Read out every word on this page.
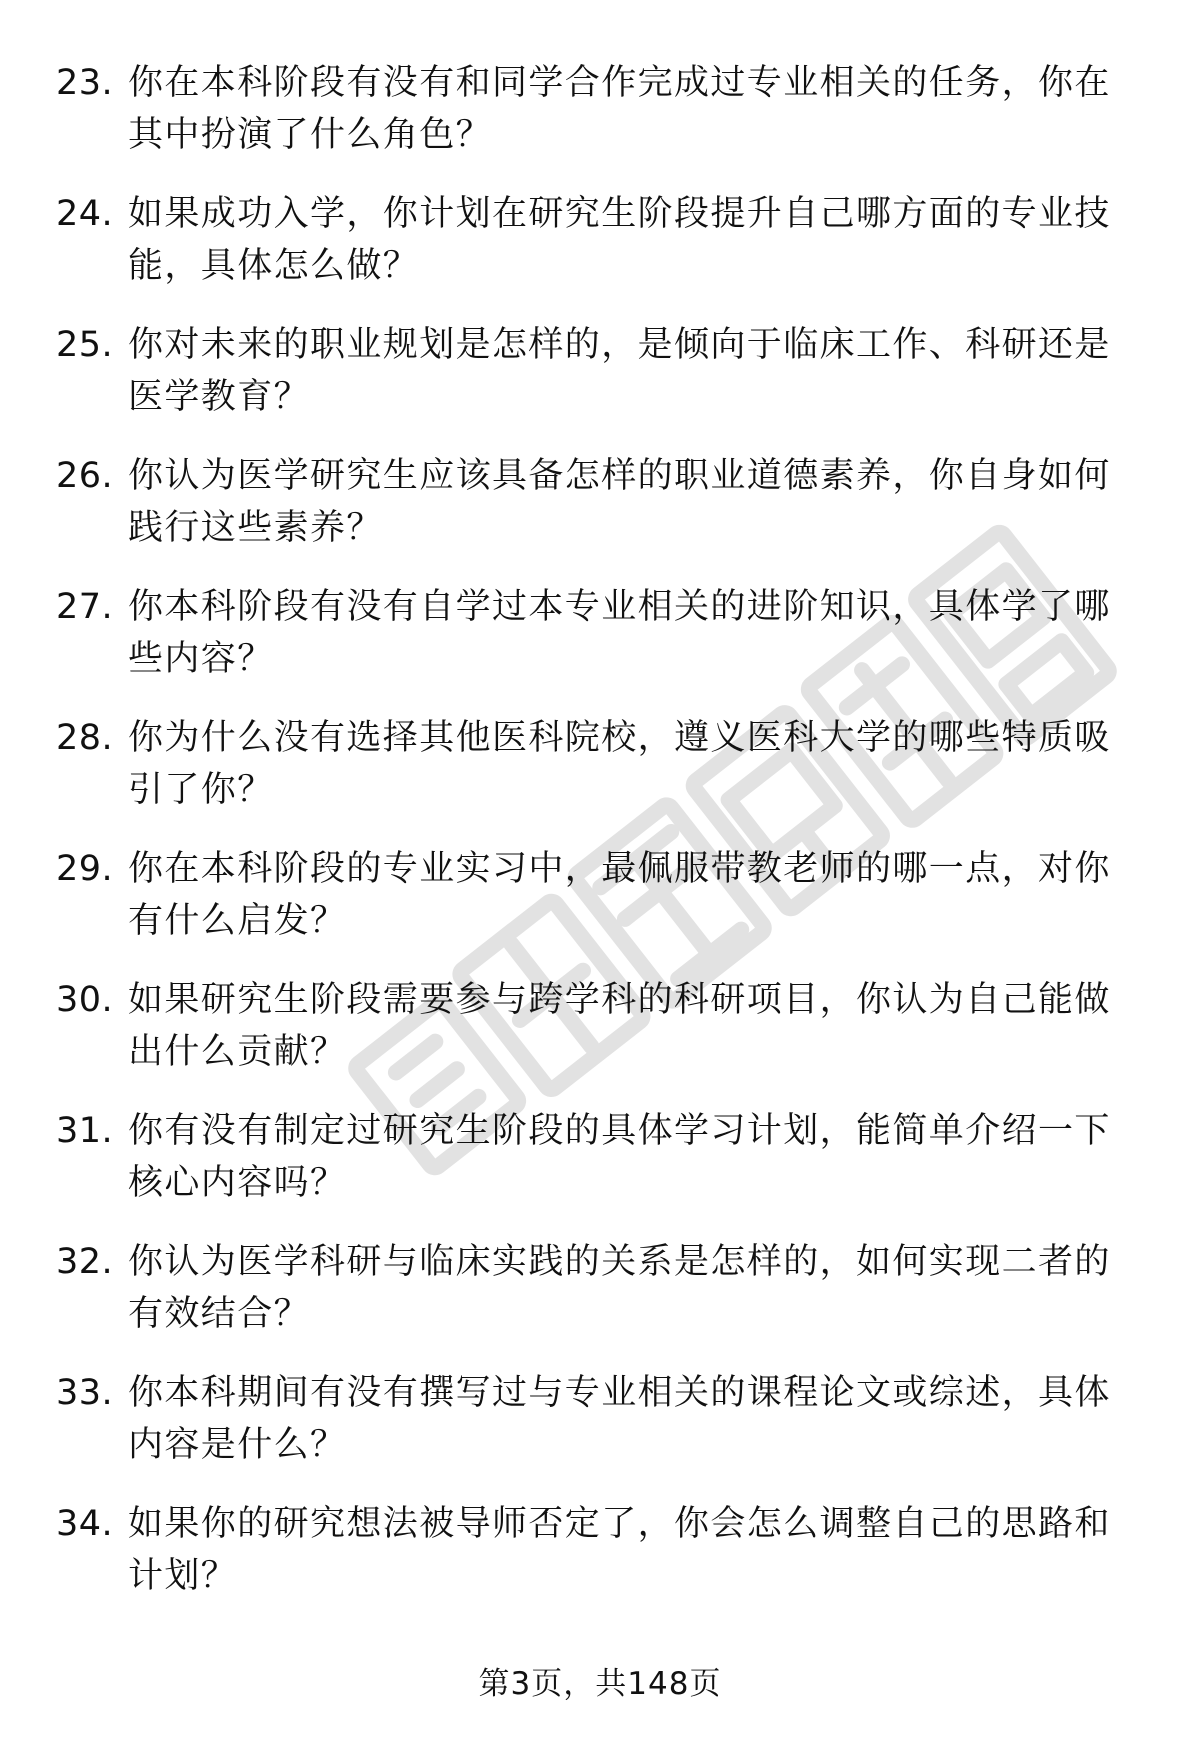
23. 你在本科阶段有没有和同学合作完成过专业相关的任务，你在其中扮演了什么角色？
24. 如果成功入学，你计划在研究生阶段提升自己哪方面的专业技能，具体怎么做？
25. 你对未来的职业规划是怎样的，是倾向于临床工作、科研还是医学教育？
26. 你认为医学研究生应该具备怎样的职业道德素养，你自身如何践行这些素养？
27. 你本科阶段有没有自学过本专业相关的进阶知识，具体学了哪些内容？
28. 你为什么没有选择其他医科院校，遵义医科大学的哪些特质吸引了你？
29. 你在本科阶段的专业实习中，最佩服带教老师的哪一点，对你有什么启发？
30. 如果研究生阶段需要参与跨学科的科研项目，你认为自己能做出什么贡献？
31. 你有没有制定过研究生阶段的具体学习计划，能简单介绍一下核心内容吗？
32. 你认为医学科研与临床实践的关系是怎样的，如何实现二者的有效结合？
33. 你本科期间有没有撰写过与专业相关的课程论文或综述，具体内容是什么？
34. 如果你的研究想法被导师否定了，你会怎么调整自己的思路和计划？
第3页，共148页
